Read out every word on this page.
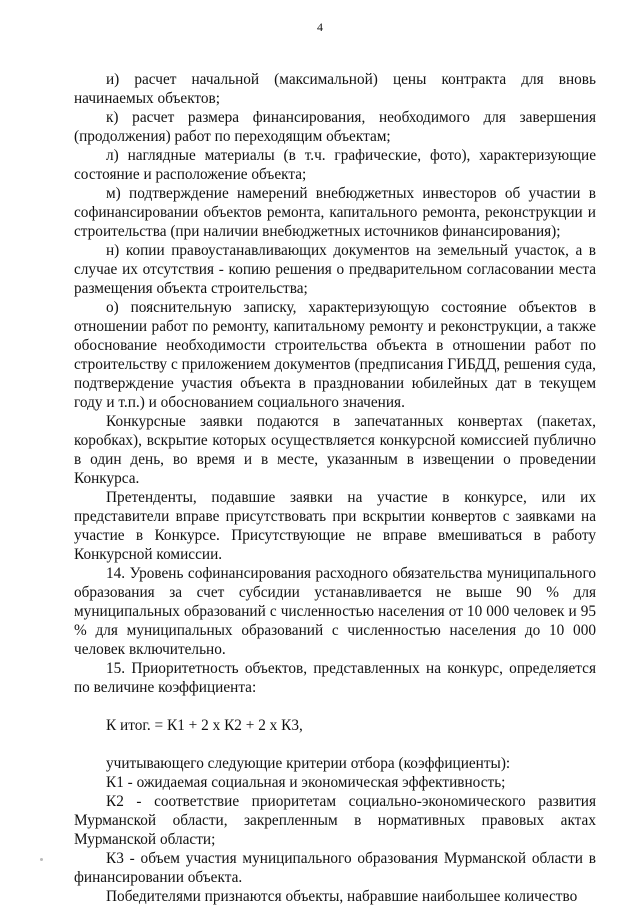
4

и) расчет начальной (максимальной) цены контракта для вновь начинаемых объектов;

к) расчет размера финансирования, необходимого для завершения (продолжения) работ по переходящим объектам;

л) наглядные материалы (в т.ч. графические, фото), характеризующие состояние и расположение объекта;

м) подтверждение намерений внебюджетных инвесторов об участии в софинансировании объектов ремонта, капитального ремонта, реконструкции и строительства (при наличии внебюджетных источников финансирования);

н) копии правоустанавливающих документов на земельный участок, а в случае их отсутствия - копию решения о предварительном согласовании места размещения объекта строительства;

о) пояснительную записку, характеризующую состояние объектов в отношении работ по ремонту, капитальному ремонту и реконструкции, а также обоснование необходимости строительства объекта в отношении работ по строительству с приложением документов (предписания ГИБДД, решения суда, подтверждение участия объекта в праздновании юбилейных дат в текущем году и т.п.) и обоснованием социального значения.

Конкурсные заявки подаются в запечатанных конвертах (пакетах, коробках), вскрытие которых осуществляется конкурсной комиссией публично в один день, во время и в месте, указанным в извещении о проведении Конкурса.

Претенденты, подавшие заявки на участие в конкурсе, или их представители вправе присутствовать при вскрытии конвертов с заявками на участие в Конкурсе. Присутствующие не вправе вмешиваться в работу Конкурсной комиссии.

14. Уровень софинансирования расходного обязательства муниципального образования за счет субсидии устанавливается не выше 90 % для муниципальных образований с численностью населения от 10 000 человек и 95 % для муниципальных образований с численностью населения до 10 000 человек включительно.

15. Приоритетность объектов, представленных на конкурс, определяется по величине коэффициента:

К итог. = К1 + 2 х К2 + 2 х К3,

учитывающего следующие критерии отбора (коэффициенты):

К1 - ожидаемая социальная и экономическая эффективность;

К2 - соответствие приоритетам социально-экономического развития Мурманской области, закрепленным в нормативных правовых актах Мурманской области;

К3 - объем участия муниципального образования Мурманской области в финансировании объекта.

Победителями признаются объекты, набравшие наибольшее количество
